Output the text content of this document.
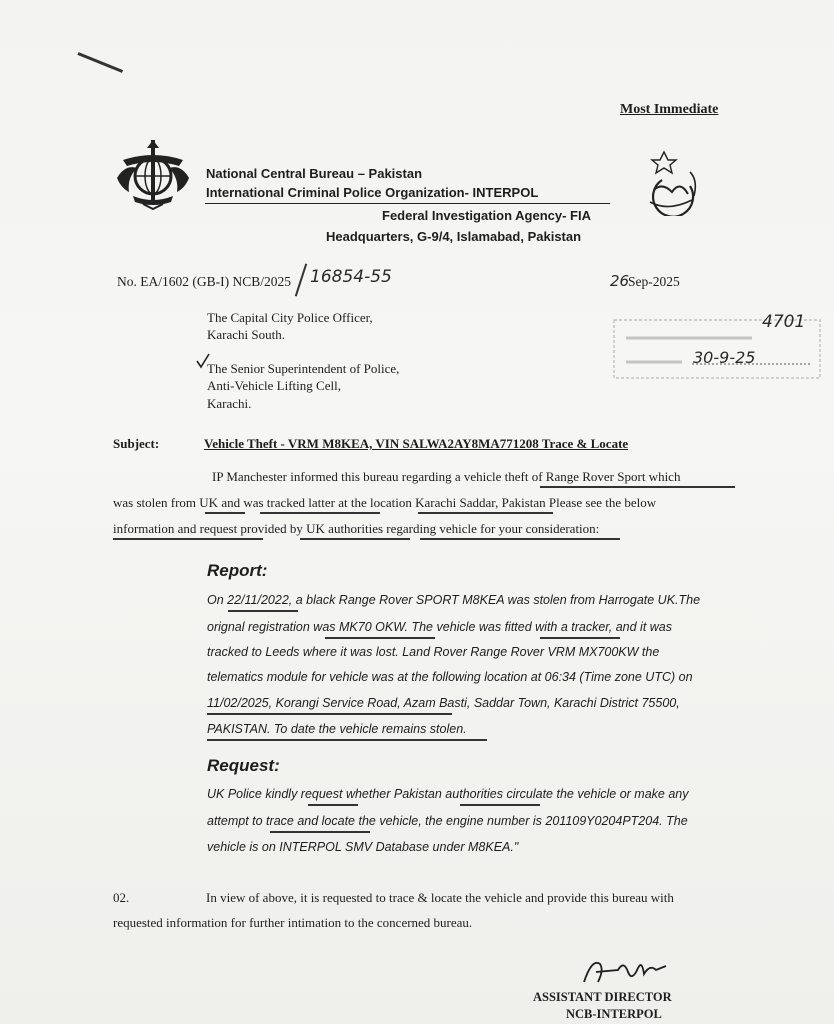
Most Immediate
National Central Bureau – Pakistan
International Criminal Police Organization- INTERPOL
Federal Investigation Agency- FIA
Headquarters, G-9/4, Islamabad, Pakistan
No. EA/1602 (GB-I) NCB/2025 16854-55	26
Sep-2025
4701
30-9-25
The Capital City Police Officer,
Karachi South.
The Senior Superintendent of Police,
Anti-Vehicle Lifting Cell,
Karachi.
Subject:	Vehicle Theft - VRM M8KEA, VIN SALWA2AY8MA771208 Trace & Locate
IP Manchester informed this bureau regarding a vehicle theft of Range Rover Sport which
was stolen from UK and was tracked latter at the location Karachi Saddar, Pakistan Please see the below
information and request provided by UK authorities regarding vehicle for your consideration:
Report:
On 22/11/2022, a black Range Rover SPORT M8KEA was stolen from Harrogate UK.The
orignal registration was MK70 OKW. The vehicle was fitted with a tracker, and it was
tracked to Leeds where it was lost. Land Rover Range Rover VRM MX700KW the
telematics module for vehicle was at the following location at 06:34 (Time zone UTC) on
11/02/2025, Korangi Service Road, Azam Basti, Saddar Town, Karachi District 75500,
PAKISTAN. To date the vehicle remains stolen.
Request:
UK Police kindly request whether Pakistan authorities circulate the vehicle or make any
attempt to trace and locate the vehicle, the engine number is 201109Y0204PT204. The
vehicle is on INTERPOL SMV Database under M8KEA."
02.	In view of above, it is requested to trace & locate the vehicle and provide this bureau with
requested information for further intimation to the concerned bureau.
ASSISTANT DIRECTOR
NCB-INTERPOL
